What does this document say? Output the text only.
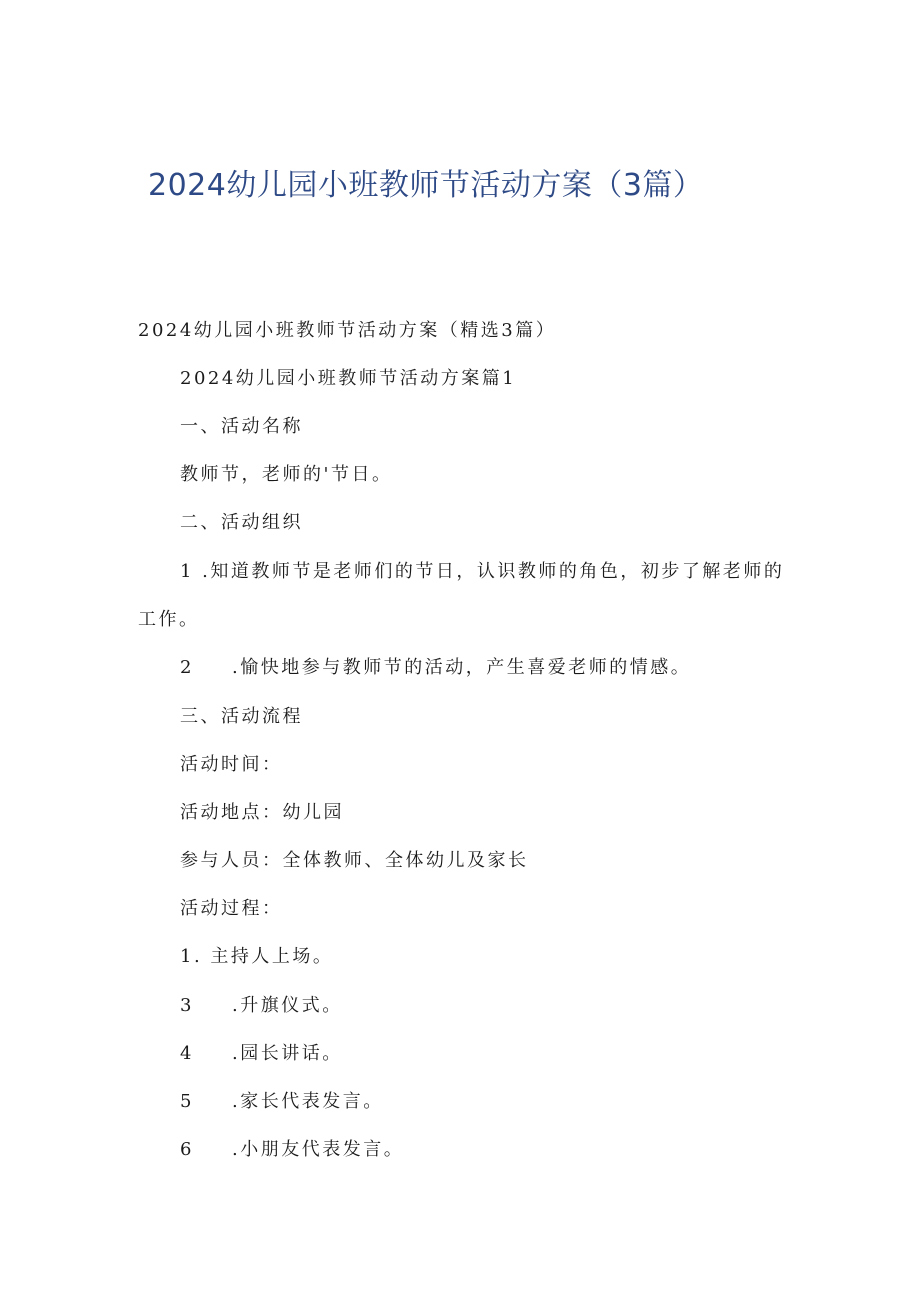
2024幼儿园小班教师节活动方案（3篇）
2024幼儿园小班教师节活动方案（精选3篇）
2024幼儿园小班教师节活动方案篇1
一、活动名称
教师节，老师的'节日。
二、活动组织
1 .知道教师节是老师们的节日，认识教师的角色，初步了解老师的
工作。
2 .愉快地参与教师节的活动，产生喜爱老师的情感。
三、活动流程
活动时间：
活动地点：幼儿园
参与人员：全体教师、全体幼儿及家长
活动过程：
1. 主持人上场。
3 .升旗仪式。
4 .园长讲话。
5 .家长代表发言。
6 .小朋友代表发言。
